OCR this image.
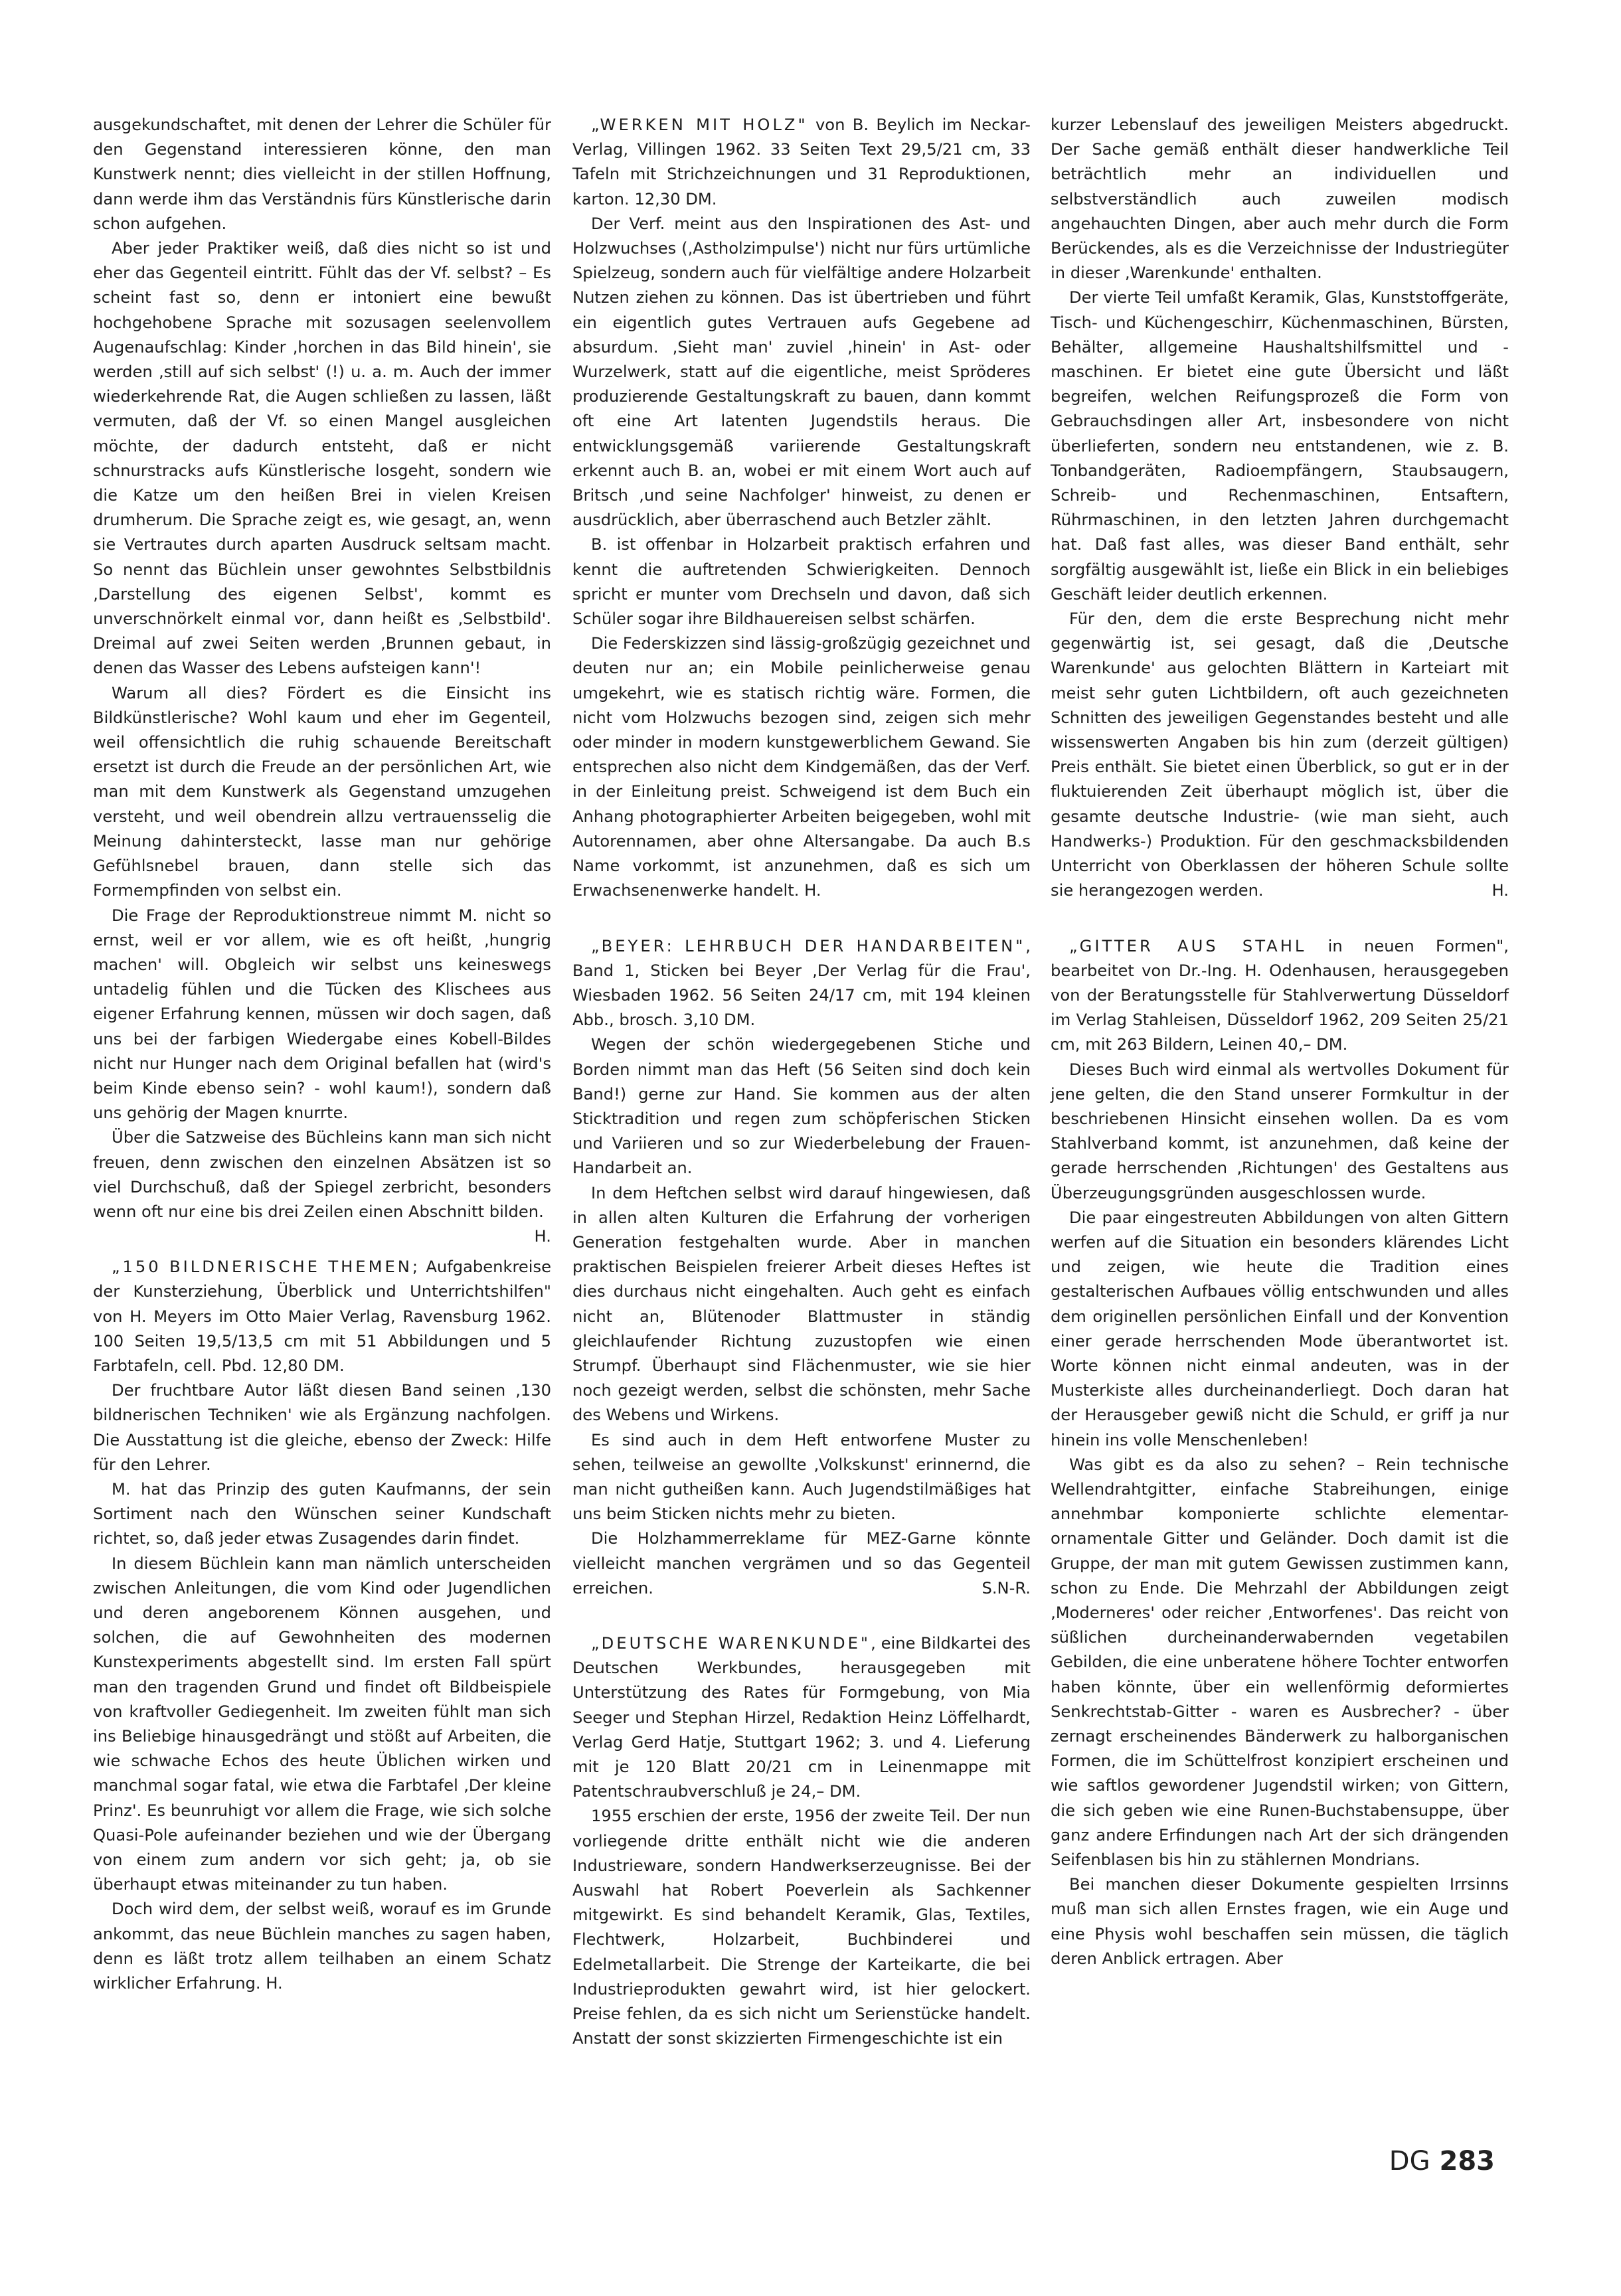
ausgekundschaftet, mit denen der Lehrer die Schüler für den Gegenstand interessieren könne, den man Kunstwerk nennt; dies vielleicht in der stillen Hoffnung, dann werde ihm das Verständnis fürs Künstlerische darin schon aufgehen.

Aber jeder Praktiker weiß, daß dies nicht so ist und eher das Gegenteil eintritt. Fühlt das der Vf. selbst? – Es scheint fast so, denn er intoniert eine bewußt hochgehobene Sprache mit sozusagen seelenvollem Augenaufschlag: Kinder ‚horchen in das Bild hinein', sie werden ‚still auf sich selbst' (!) u. a. m. Auch der immer wiederkehrende Rat, die Augen schließen zu lassen, läßt vermuten, daß der Vf. so einen Mangel ausgleichen möchte, der dadurch entsteht, daß er nicht schnurstracks aufs Künstlerische losgeht, sondern wie die Katze um den heißen Brei in vielen Kreisen drumherum. Die Sprache zeigt es, wie gesagt, an, wenn sie Vertrautes durch aparten Ausdruck seltsam macht. So nennt das Büchlein unser gewohntes Selbstbildnis ‚Darstellung des eigenen Selbst', kommt es unverschnörkelt einmal vor, dann heißt es ‚Selbstbild'. Dreimal auf zwei Seiten werden ‚Brunnen gebaut, in denen das Wasser des Lebens aufsteigen kann'!

Warum all dies? Fördert es die Einsicht ins Bildkünstlerische? Wohl kaum und eher im Gegenteil, weil offensichtlich die ruhig schauende Bereitschaft ersetzt ist durch die Freude an der persönlichen Art, wie man mit dem Kunstwerk als Gegenstand umzugehen versteht, und weil obendrein allzu vertrauensselig die Meinung dahintersteckt, lasse man nur gehörige Gefühlsnebel brauen, dann stelle sich das Formempfinden von selbst ein.

Die Frage der Reproduktionstreue nimmt M. nicht so ernst, weil er vor allem, wie es oft heißt, ‚hungrig machen' will. Obgleich wir selbst uns keineswegs untadelig fühlen und die Tücken des Klischees aus eigener Erfahrung kennen, müssen wir doch sagen, daß uns bei der farbigen Wiedergabe eines Kobell-Bildes nicht nur Hunger nach dem Original befallen hat (wird's beim Kinde ebenso sein? - wohl kaum!), sondern daß uns gehörig der Magen knurrte.

Über die Satzweise des Büchleins kann man sich nicht freuen, denn zwischen den einzelnen Absätzen ist so viel Durchschuß, daß der Spiegel zerbricht, besonders wenn oft nur eine bis drei Zeilen einen Abschnitt bilden.
H.

„150 BILDNERISCHE THEMEN; Aufgabenkreise der Kunsterziehung, Überblick und Unterrichtshilfen" von H. Meyers im Otto Maier Verlag, Ravensburg 1962. 100 Seiten 19,5/13,5 cm mit 51 Abbildungen und 5 Farbtafeln, cell. Pbd. 12,80 DM.

Der fruchtbare Autor läßt diesen Band seinen ‚130 bildnerischen Techniken' wie als Ergänzung nachfolgen. Die Ausstattung ist die gleiche, ebenso der Zweck: Hilfe für den Lehrer.

M. hat das Prinzip des guten Kaufmanns, der sein Sortiment nach den Wünschen seiner Kundschaft richtet, so, daß jeder etwas Zusagendes darin findet.

In diesem Büchlein kann man nämlich unterscheiden zwischen Anleitungen, die vom Kind oder Jugendlichen und deren angeborenem Können ausgehen, und solchen, die auf Gewohnheiten des modernen Kunstexperiments abgestellt sind. Im ersten Fall spürt man den tragenden Grund und findet oft Bildbeispiele von kraftvoller Gediegenheit. Im zweiten fühlt man sich ins Beliebige hinausgedrängt und stößt auf Arbeiten, die wie schwache Echos des heute Üblichen wirken und manchmal sogar fatal, wie etwa die Farbtafel ‚Der kleine Prinz'. Es beunruhigt vor allem die Frage, wie sich solche Quasi-Pole aufeinander beziehen und wie der Übergang von einem zum andern vor sich geht; ja, ob sie überhaupt etwas miteinander zu tun haben.

Doch wird dem, der selbst weiß, worauf es im Grunde ankommt, das neue Büchlein manches zu sagen haben, denn es läßt trotz allem teilhaben an einem Schatz wirklicher Erfahrung. H.

„WERKEN MIT HOLZ" von B. Beylich im Neckar-Verlag, Villingen 1962. 33 Seiten Text 29,5/21 cm, 33 Tafeln mit Strichzeichnungen und 31 Reproduktionen, karton. 12,30 DM.

Der Verf. meint aus den Inspirationen des Ast- und Holzwuchses (‚Astholzimpulse') nicht nur fürs urtümliche Spielzeug, sondern auch für vielfältige andere Holzarbeit Nutzen ziehen zu können. Das ist übertrieben und führt ein eigentlich gutes Vertrauen aufs Gegebene ad absurdum. ‚Sieht man' zuviel ‚hinein' in Ast- oder Wurzelwerk, statt auf die eigentliche, meist Spröderes produzierende Gestaltungskraft zu bauen, dann kommt oft eine Art latenten Jugendstils heraus. Die entwicklungsgemäß variierende Gestaltungskraft erkennt auch B. an, wobei er mit einem Wort auch auf Britsch ‚und seine Nachfolger' hinweist, zu denen er ausdrücklich, aber überraschend auch Betzler zählt.

B. ist offenbar in Holzarbeit praktisch erfahren und kennt die auftretenden Schwierigkeiten. Dennoch spricht er munter vom Drechseln und davon, daß sich Schüler sogar ihre Bildhauereisen selbst schärfen.

Die Federskizzen sind lässig-großzügig gezeichnet und deuten nur an; ein Mobile peinlicherweise genau umgekehrt, wie es statisch richtig wäre. Formen, die nicht vom Holzwuchs bezogen sind, zeigen sich mehr oder minder in modern kunstgewerblichem Gewand. Sie entsprechen also nicht dem Kindgemäßen, das der Verf. in der Einleitung preist. Schweigend ist dem Buch ein Anhang photographierter Arbeiten beigegeben, wohl mit Autorennamen, aber ohne Altersangabe. Da auch B.s Name vorkommt, ist anzunehmen, daß es sich um Erwachsenenwerke handelt. H.

„BEYER: LEHRBUCH DER HANDARBEITEN", Band 1, Sticken bei Beyer ‚Der Verlag für die Frau', Wiesbaden 1962. 56 Seiten 24/17 cm, mit 194 kleinen Abb., brosch. 3,10 DM.

Wegen der schön wiedergegebenen Stiche und Borden nimmt man das Heft (56 Seiten sind doch kein Band!) gerne zur Hand. Sie kommen aus der alten Sticktradition und regen zum schöpferischen Sticken und Variieren und so zur Wiederbelebung der Frauen-Handarbeit an.

In dem Heftchen selbst wird darauf hingewiesen, daß in allen alten Kulturen die Erfahrung der vorherigen Generation festgehalten wurde. Aber in manchen praktischen Beispielen freierer Arbeit dieses Heftes ist dies durchaus nicht eingehalten. Auch geht es einfach nicht an, Blütenoder Blattmuster in ständig gleichlaufender Richtung zuzustopfen wie einen Strumpf. Überhaupt sind Flächenmuster, wie sie hier noch gezeigt werden, selbst die schönsten, mehr Sache des Webens und Wirkens.

Es sind auch in dem Heft entworfene Muster zu sehen, teilweise an gewollte ‚Volkskunst' erinnernd, die man nicht gutheißen kann. Auch Jugendstilmäßiges hat uns beim Sticken nichts mehr zu bieten.

Die Holzhammerreklame für MEZ-Garne könnte vielleicht manchen vergrämen und so das Gegenteil erreichen.	S.N-R.

„DEUTSCHE WARENKUNDE", eine Bildkartei des Deutschen Werkbundes, herausgegeben mit Unterstützung des Rates für Formgebung, von Mia Seeger und Stephan Hirzel, Redaktion Heinz Löffelhardt, Verlag Gerd Hatje, Stuttgart 1962; 3. und 4. Lieferung mit je 120 Blatt 20/21 cm in Leinenmappe mit Patentschraubverschluß je 24,– DM.

1955 erschien der erste, 1956 der zweite Teil. Der nun vorliegende dritte enthält nicht wie die anderen Industrieware, sondern Handwerkserzeugnisse. Bei der Auswahl hat Robert Poeverlein als Sachkenner mitgewirkt. Es sind behandelt Keramik, Glas, Textiles, Flechtwerk, Holzarbeit, Buchbinderei und Edelmetallarbeit. Die Strenge der Karteikarte, die bei Industrieprodukten gewahrt wird, ist hier gelockert. Preise fehlen, da es sich nicht um Serienstücke handelt. Anstatt der sonst skizzierten Firmengeschichte ist ein

kurzer Lebenslauf des jeweiligen Meisters abgedruckt. Der Sache gemäß enthält dieser handwerkliche Teil beträchtlich mehr an individuellen und selbstverständlich auch zuweilen modisch angehauchten Dingen, aber auch mehr durch die Form Berückendes, als es die Verzeichnisse der Industriegüter in dieser ‚Warenkunde' enthalten.

Der vierte Teil umfaßt Keramik, Glas, Kunststoffgeräte, Tisch- und Küchengeschirr, Küchenmaschinen, Bürsten, Behälter, allgemeine Haushaltshilfsmittel und -maschinen. Er bietet eine gute Übersicht und läßt begreifen, welchen Reifungsprozeß die Form von Gebrauchsdingen aller Art, insbesondere von nicht überlieferten, sondern neu entstandenen, wie z. B. Tonbandgeräten, Radioempfängern, Staubsaugern, Schreib- und Rechenmaschinen, Entsaftern, Rührmaschinen, in den letzten Jahren durchgemacht hat. Daß fast alles, was dieser Band enthält, sehr sorgfältig ausgewählt ist, ließe ein Blick in ein beliebiges Geschäft leider deutlich erkennen.

Für den, dem die erste Besprechung nicht mehr gegenwärtig ist, sei gesagt, daß die ‚Deutsche Warenkunde' aus gelochten Blättern in Karteiart mit meist sehr guten Lichtbildern, oft auch gezeichneten Schnitten des jeweiligen Gegenstandes besteht und alle wissenswerten Angaben bis hin zum (derzeit gültigen) Preis enthält. Sie bietet einen Überblick, so gut er in der fluktuierenden Zeit überhaupt möglich ist, über die gesamte deutsche Industrie- (wie man sieht, auch Handwerks-) Produktion. Für den geschmacksbildenden Unterricht von Oberklassen der höheren Schule sollte sie herangezogen werden.	H.

„GITTER AUS STAHL in neuen Formen", bearbeitet von Dr.-Ing. H. Odenhausen, herausgegeben von der Beratungsstelle für Stahlverwertung Düsseldorf im Verlag Stahleisen, Düsseldorf 1962, 209 Seiten 25/21 cm, mit 263 Bildern, Leinen 40,– DM.

Dieses Buch wird einmal als wertvolles Dokument für jene gelten, die den Stand unserer Formkultur in der beschriebenen Hinsicht einsehen wollen. Da es vom Stahlverband kommt, ist anzunehmen, daß keine der gerade herrschenden ‚Richtungen' des Gestaltens aus Überzeugungsgründen ausgeschlossen wurde.

Die paar eingestreuten Abbildungen von alten Gittern werfen auf die Situation ein besonders klärendes Licht und zeigen, wie heute die Tradition eines gestalterischen Aufbaues völlig entschwunden und alles dem originellen persönlichen Einfall und der Konvention einer gerade herrschenden Mode überantwortet ist. Worte können nicht einmal andeuten, was in der Musterkiste alles durcheinanderliegt. Doch daran hat der Herausgeber gewiß nicht die Schuld, er griff ja nur hinein ins volle Menschenleben!

Was gibt es da also zu sehen? – Rein technische Wellendrahtgitter, einfache Stabreihungen, einige annehmbar komponierte schlichte elementar-ornamentale Gitter und Geländer. Doch damit ist die Gruppe, der man mit gutem Gewissen zustimmen kann, schon zu Ende. Die Mehrzahl der Abbildungen zeigt ‚Moderneres' oder reicher ‚Entworfenes'. Das reicht von süßlichen durcheinanderwabernden vegetabilen Gebilden, die eine unberatene höhere Tochter entworfen haben könnte, über ein wellenförmig deformiertes Senkrechtstab-Gitter - waren es Ausbrecher? - über zernagt erscheinendes Bänderwerk zu halborganischen Formen, die im Schüttelfrost konzipiert erscheinen und wie saftlos gewordener Jugendstil wirken; von Gittern, die sich geben wie eine Runen-Buchstabensuppe, über ganz andere Erfindungen nach Art der sich drängenden Seifenblasen bis hin zu stählernen Mondrians.

Bei manchen dieser Dokumente gespielten Irrsinns muß man sich allen Ernstes fragen, wie ein Auge und eine Physis wohl beschaffen sein müssen, die täglich deren Anblick ertragen. Aber

DG 283
